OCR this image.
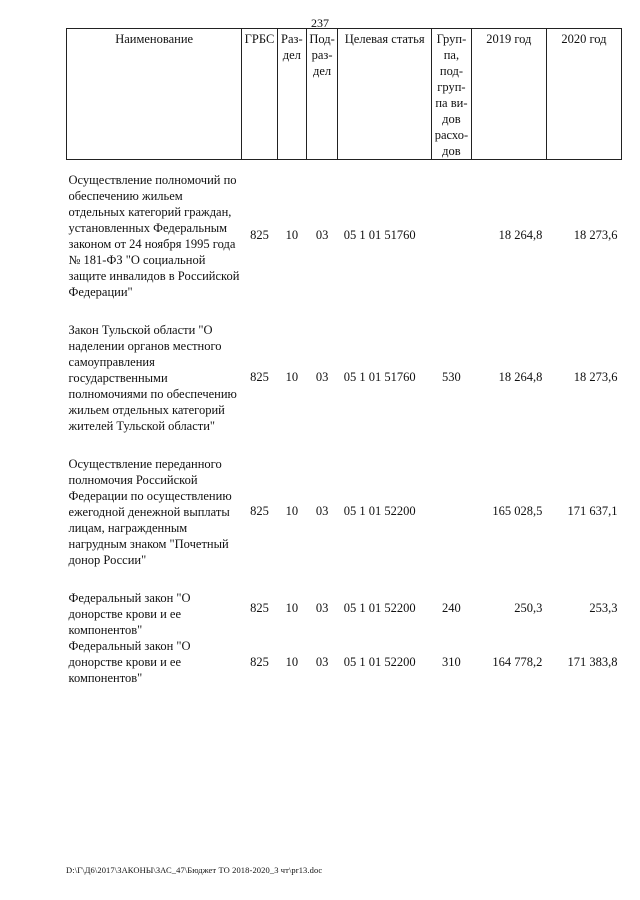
237
Наименование	ГРБС	Раз-дел	Под-раз-дел	Целевая статья	Груп-па, под-груп-па ви-дов расхо-дов	2019 год	2020 год
Осуществление полномочий по обеспечению жильем отдельных категорий граждан, установленных Федеральным законом от 24 ноября 1995 года № 181-ФЗ "О социальной защите инвалидов в Российской Федерации"	825	10	03	05 1 01 51760		18 264,8	18 273,6
Закон Тульской области "О наделении органов местного самоуправления государственными полномочиями по обеспечению жильем отдельных категорий жителей Тульской области"	825	10	03	05 1 01 51760	530	18 264,8	18 273,6
Осуществление переданного полномочия Российской Федерации по осуществлению ежегодной денежной выплаты лицам, награжденным нагрудным знаком "Почетный донор России"	825	10	03	05 1 01 52200		165 028,5	171 637,1
Федеральный закон "О донорстве крови и ее компонентов"	825	10	03	05 1 01 52200	240	250,3	253,3
Федеральный закон "О донорстве крови и ее компонентов"	825	10	03	05 1 01 52200	310	164 778,2	171 383,8
D:\Г\Д6\2017\ЗАКОНЫ\ЗАС_47\Бюджет ТО 2018-2020_3 чт\pr13.doc
